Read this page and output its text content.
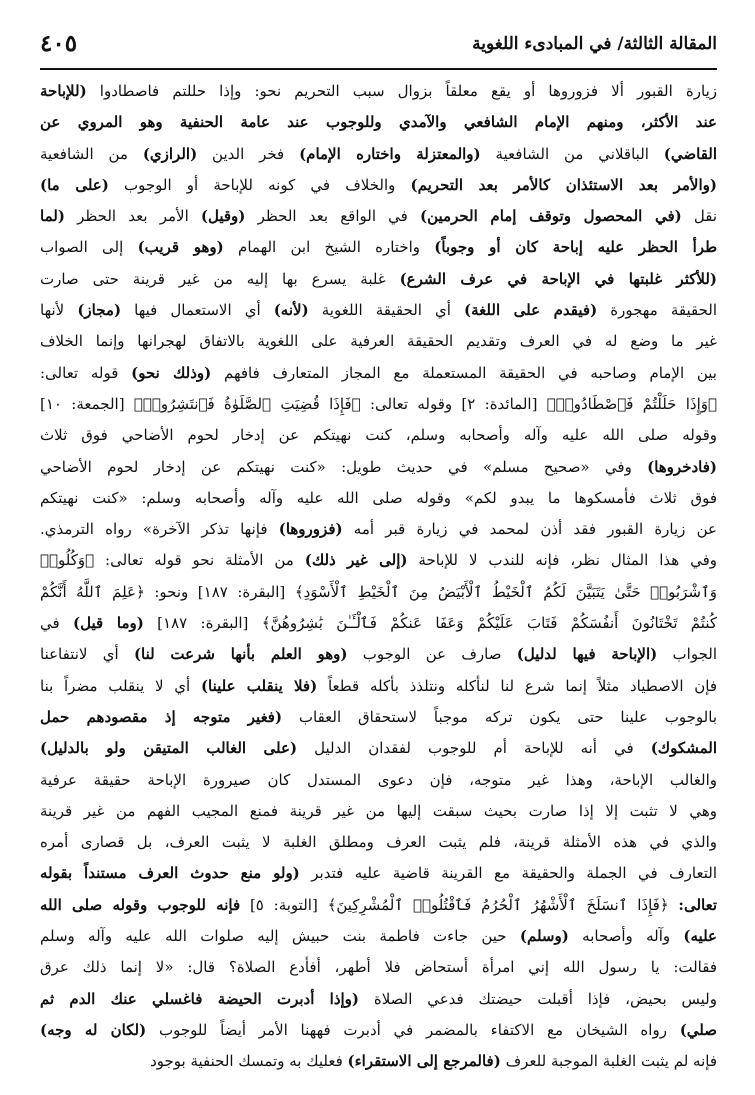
المقالة الثالثة/ في المبادىء اللغوية
٤٠٥
زيارة القبور ألا فزوروها أو يقع معلقاً بزوال سبب التحريم نحو: وإذا حللتم فاصطادوا (للإباحة
عند الأكثر، ومنهم الإمام الشافعي والآمدي وللوجوب عند عامة الحنفية وهو المروي عن
القاضي) الباقلاني من الشافعية (والمعتزلة واختاره الإمام) فخر الدين (الرازي) من الشافعية
(والأمر بعد الاستئذان كالأمر بعد التحريم) والخلاف في كونه للإباحة أو الوجوب (على ما)
نقل (في المحصول وتوقف إمام الحرمين) في الواقع بعد الحظر (وقيل) الأمر بعد الحظر (لما
طرأ الحظر عليه إباحة كان أو وجوباً) واختاره الشيخ ابن الهمام (وهو قريب) إلى الصواب
(للأكثر غلبتها في الإباحة في عرف الشرع) غلبة يسرع بها إليه من غير قرينة حتى صارت
الحقيقة مهجورة (فيقدم على اللغة) أي الحقيقة اللغوية (لأنه) أي الاستعمال فيها (مجاز) لأنها
غير ما وضع له في العرف وتقديم الحقيقة العرفية على اللغوية بالاتفاق لهجرانها وإنما الخلاف
بين الإمام وصاحبه في الحقيقة المستعملة مع المجاز المتعارف فافهم (وذلك نحو) قوله تعالى:
﴿وَإِذَا حَلَلْتُمْ فَٱصْطَادُوا۟﴾ [المائدة: ٢] وقوله تعالى: ﴿فَإِذَا قُضِيَتِ ٱلصَّلَوٰةُ فَٱنتَشِرُوا۟﴾ [الجمعة: ١٠]
وقوله صلى الله عليه وآله وأصحابه وسلم، كنت نهيتكم عن إدخار لحوم الأضاحي فوق ثلاث
(فادخروها) وفي «صحيح مسلم» في حديث طويل: «كنت نهيتكم عن إدخار لحوم الأضاحي
فوق ثلاث فأمسكوها ما يبدو لكم» وقوله صلى الله عليه وآله وأصحابه وسلم: «كنت نهيتكم
عن زيارة القبور فقد أذن لمحمد في زيارة قبر أمه (فزوروها) فإنها تذكر الآخرة» رواه الترمذي.
وفي هذا المثال نظر، فإنه للندب لا للإباحة (إلى غير ذلك) من الأمثلة نحو قوله تعالى: ﴿وَكُلُوا۟
وَٱشْرَبُوا۟ حَتَّىٰ يَتَبَيَّنَ لَكُمُ ٱلْخَيْطُ ٱلْأَبْيَضُ مِنَ ٱلْخَيْطِ ٱلْأَسْوَدِ﴾ [البقرة: ١٨٧] ونحو: ﴿عَلِمَ ٱللَّهُ أَنَّكُمْ
كُنتُمْ تَخْتَانُونَ أَنفُسَكُمْ فَتَابَ عَلَيْكُمْ وَعَفَا عَنكُمْ فَٱلْـَٔـٰنَ بَٰشِرُوهُنَّ﴾ [البقرة: ١٨٧] (وما قيل) في
الجواب (الإباحة فيها لدليل) صارف عن الوجوب (وهو العلم بأنها شرعت لنا) أي لانتفاعنا
فإن الاصطياد مثلاً إنما شرع لنا لنأكله ونتلذذ بأكله قطعاً (فلا ينقلب علينا) أي لا ينقلب مضراً بنا
بالوجوب علينا حتى يكون تركه موجباً لاستحقاق العقاب (فغير متوجه إذ مقصودهم حمل
المشكوك) في أنه للإباحة أم للوجوب لفقدان الدليل (على الغالب المتيقن ولو بالدليل)
والغالب الإباحة، وهذا غير متوجه، فإن دعوى المستدل كان صيرورة الإباحة حقيقة عرفية
وهي لا تثبت إلا إذا صارت بحيث سبقت إليها من غير قرينة فمنع المجيب الفهم من غير قرينة
والذي في هذه الأمثلة قرينة، فلم يثبت العرف ومطلق الغلبة لا يثبت العرف، بل قصارى أمره
التعارف في الجملة والحقيقة مع القرينة قاضية عليه فتدبر (ولو منع حدوث العرف مستنداً بقوله
تعالى: ﴿فَإِذَا ٱنسَلَخَ ٱلْأَشْهُرُ ٱلْحُرُمُ فَٱقْتُلُوا۟ ٱلْمُشْرِكِينَ﴾ [التوبة: ٥] فإنه للوجوب وقوله صلى الله
عليه) وآله وأصحابه (وسلم) حين جاءت فاطمة بنت حبيش إليه صلوات الله عليه وآله وسلم
فقالت: يا رسول الله إني امرأة أستحاض فلا أطهر، أفأدع الصلاة؟ قال: «لا إنما ذلك عرق
وليس بحيض، فإذا أقبلت حيضتك فدعي الصلاة (وإذا أدبرت الحيضة فاغسلي عنك الدم ثم
صلي) رواه الشيخان مع الاكتفاء بالمضمر في أدبرت فههنا الأمر أيضاً للوجوب (لكان له وجه)
فإنه لم يثبت الغلبة الموجبة للعرف (فالمرجع إلى الاستقراء) فعليك به وتمسك الحنفية بوجود
